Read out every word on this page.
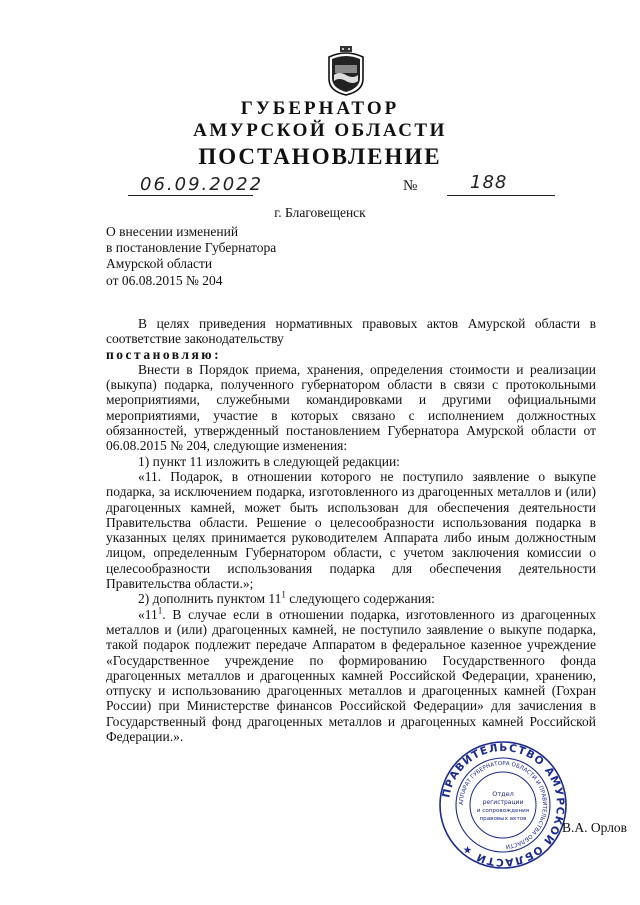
ГУБЕРНАТОР
АМУРСКОЙ ОБЛАСТИ
ПОСТАНОВЛЕНИЕ
06.09.2022	№	188
г. Благовещенск
О внесении изменений
в постановление Губернатора
Амурской области
от 06.08.2015 № 204

В целях приведения нормативных правовых актов Амурской области в соответствие законодательству

постановляю:

Внести в Порядок приема, хранения, определения стоимости и реализации (выкупа) подарка, полученного губернатором области в связи с протокольными мероприятиями, служебными командировками и другими официальными мероприятиями, участие в которых связано с исполнением должностных обязанностей, утвержденный постановлением Губернатора Амурской области от 06.08.2015 № 204, следующие изменения:

1) пункт 11 изложить в следующей редакции:

«11. Подарок, в отношении которого не поступило заявление о выкупе подарка, за исключением подарка, изготовленного из драгоценных металлов и (или) драгоценных камней, может быть использован для обеспечения деятельности Правительства области. Решение о целесообразности использования подарка в указанных целях принимается руководителем Аппарата либо иным должностным лицом, определенным Губернатором области, с учетом заключения комиссии о целесообразности использования подарка для обеспечения деятельности Правительства области.»;

2) дополнить пунктом $11^1$ следующего содержания:

«$11^1$. В случае если в отношении подарка, изготовленного из драгоценных металлов и (или) драгоценных камней, не поступило заявление о выкупе подарка, такой подарок подлежит передаче Аппаратом в федеральное казенное учреждение «Государственное учреждение по формированию Государственного фонда драгоценных металлов и драгоценных камней Российской Федерации, хранению, отпуску и использованию драгоценных металлов и драгоценных камней (Гохран России) при Министерстве финансов Российской Федерации» для зачисления в Государственный фонд драгоценных металлов и драгоценных камней Российской Федерации.».

ПРАВИТЕЛЬСТВО АМУРСКОЙ ОБЛАСТИ ★
АППАРАТ ГУБЕРНАТОРА ОБЛАСТИ И ПРАВИТЕЛЬСТВА ОБЛАСТИ
Отдел
регистрации
и сопровождения
правовых актов
В.А. Орлов
